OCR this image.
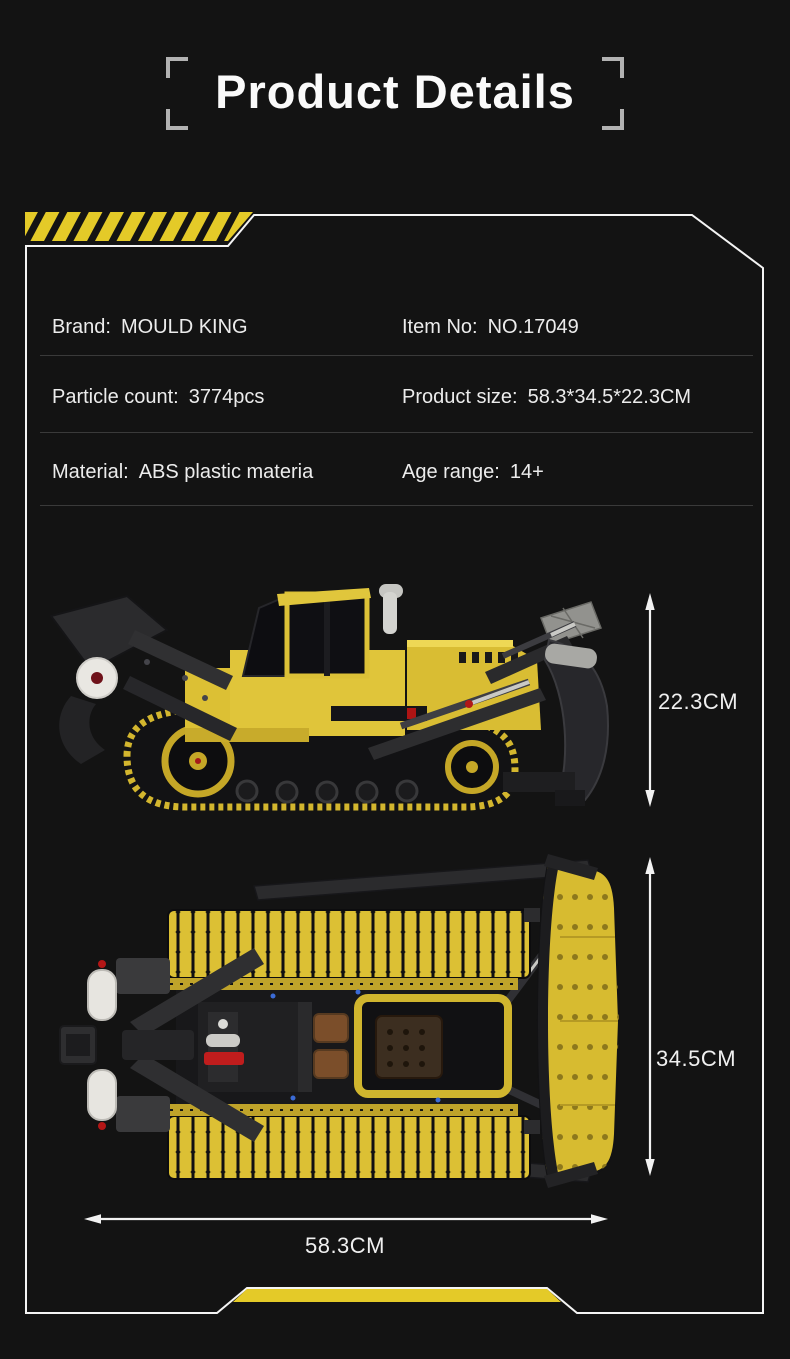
Product Details
Brand: MOULD KING	Item No: NO.17049
Particle count: 3774pcs	Product size: 58.3*34.5*22.3CM
Material: ABS plastic materia	Age range: 14+
22.3CM
34.5CM
58.3CM
